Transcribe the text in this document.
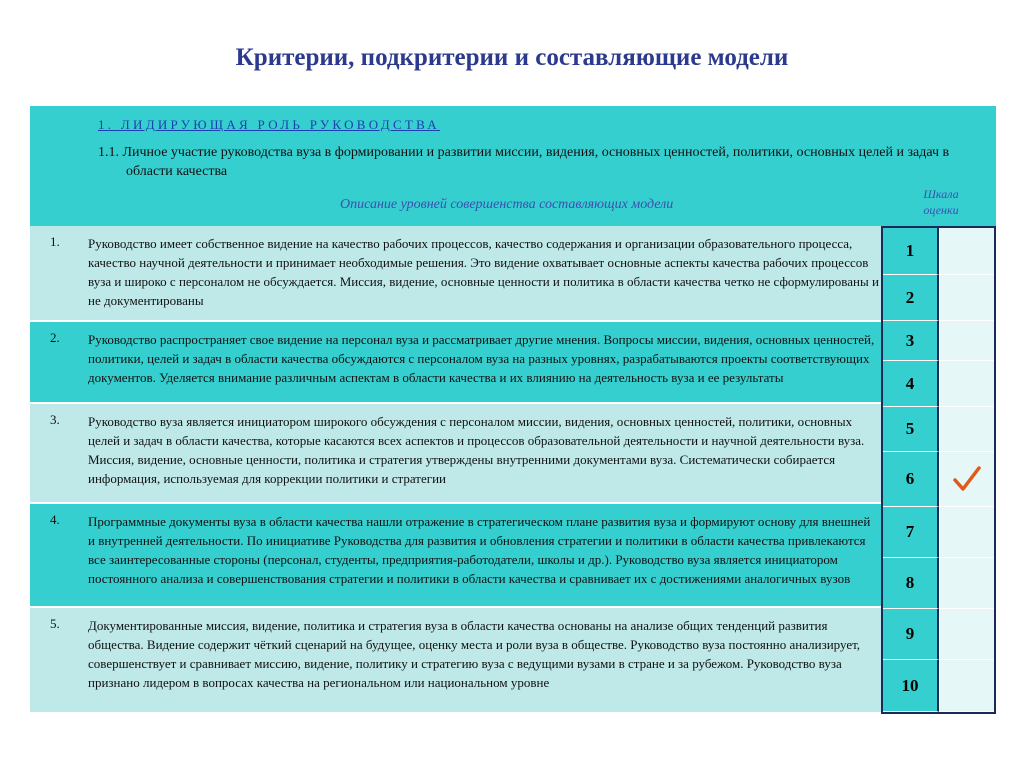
Критерии, подкритерии и составляющие модели
1. ЛИДИРУЮЩАЯ РОЛЬ РУКОВОДСТВА
1.1. Личное участие руководства вуза в формировании и развитии миссии, видения, основных ценностей, политики, основных целей и задач в области качества
Описание уровней совершенства составляющих модели
Шкала оценки
1. Руководство имеет собственное видение на качество рабочих процессов, качество содержания и организации образовательного процесса, качество научной деятельности и принимает необходимые решения. Это видение охватывает основные аспекты качества рабочих процессов вуза и широко с персоналом не обсуждается. Миссия, видение, основные ценности и политика в области качества четко не сформулированы и не документированы
2. Руководство распространяет свое видение на персонал вуза и рассматривает другие мнения. Вопросы миссии, видения, основных ценностей, политики, целей и задач в области качества обсуждаются с персоналом вуза на разных уровнях, разрабатываются проекты соответствующих документов. Уделяется внимание различным аспектам в области качества и их влиянию на деятельность вуза и ее результаты
3. Руководство вуза является инициатором широкого обсуждения с персоналом миссии, видения, основных ценностей, политики, основных целей и задач в области качества, которые касаются всех аспектов и процессов образовательной деятельности и научной деятельности вуза. Миссия, видение, основные ценности, политика и стратегия утверждены внутренними документами вуза. Систематически собирается информация, используемая для коррекции политики и стратегии
4. Программные документы вуза в области качества нашли отражение в стратегическом плане развития вуза и формируют основу для внешней и внутренней деятельности. По инициативе Руководства для развития и обновления стратегии и политики в области качества привлекаются все заинтересованные стороны (персонал, студенты, предприятия-работодатели, школы и др.). Руководство вуза является инициатором постоянного анализа и совершенствования стратегии и политики в области качества и сравнивает их с достижениями аналогичных вузов
5. Документированные миссия, видение, политика и стратегия вуза в области качества основаны на анализе общих тенденций развития общества. Видение содержит чёткий сценарий на будущее, оценку места и роли вуза в обществе. Руководство вуза постоянно анализирует, совершенствует и сравнивает миссию, видение, политику и стратегию вуза с ведущими вузами в стране и за рубежом. Руководство вуза признано лидером в вопросах качества на региональном или национальном уровне
1
2
3
4
5
6
7
8
9
10
